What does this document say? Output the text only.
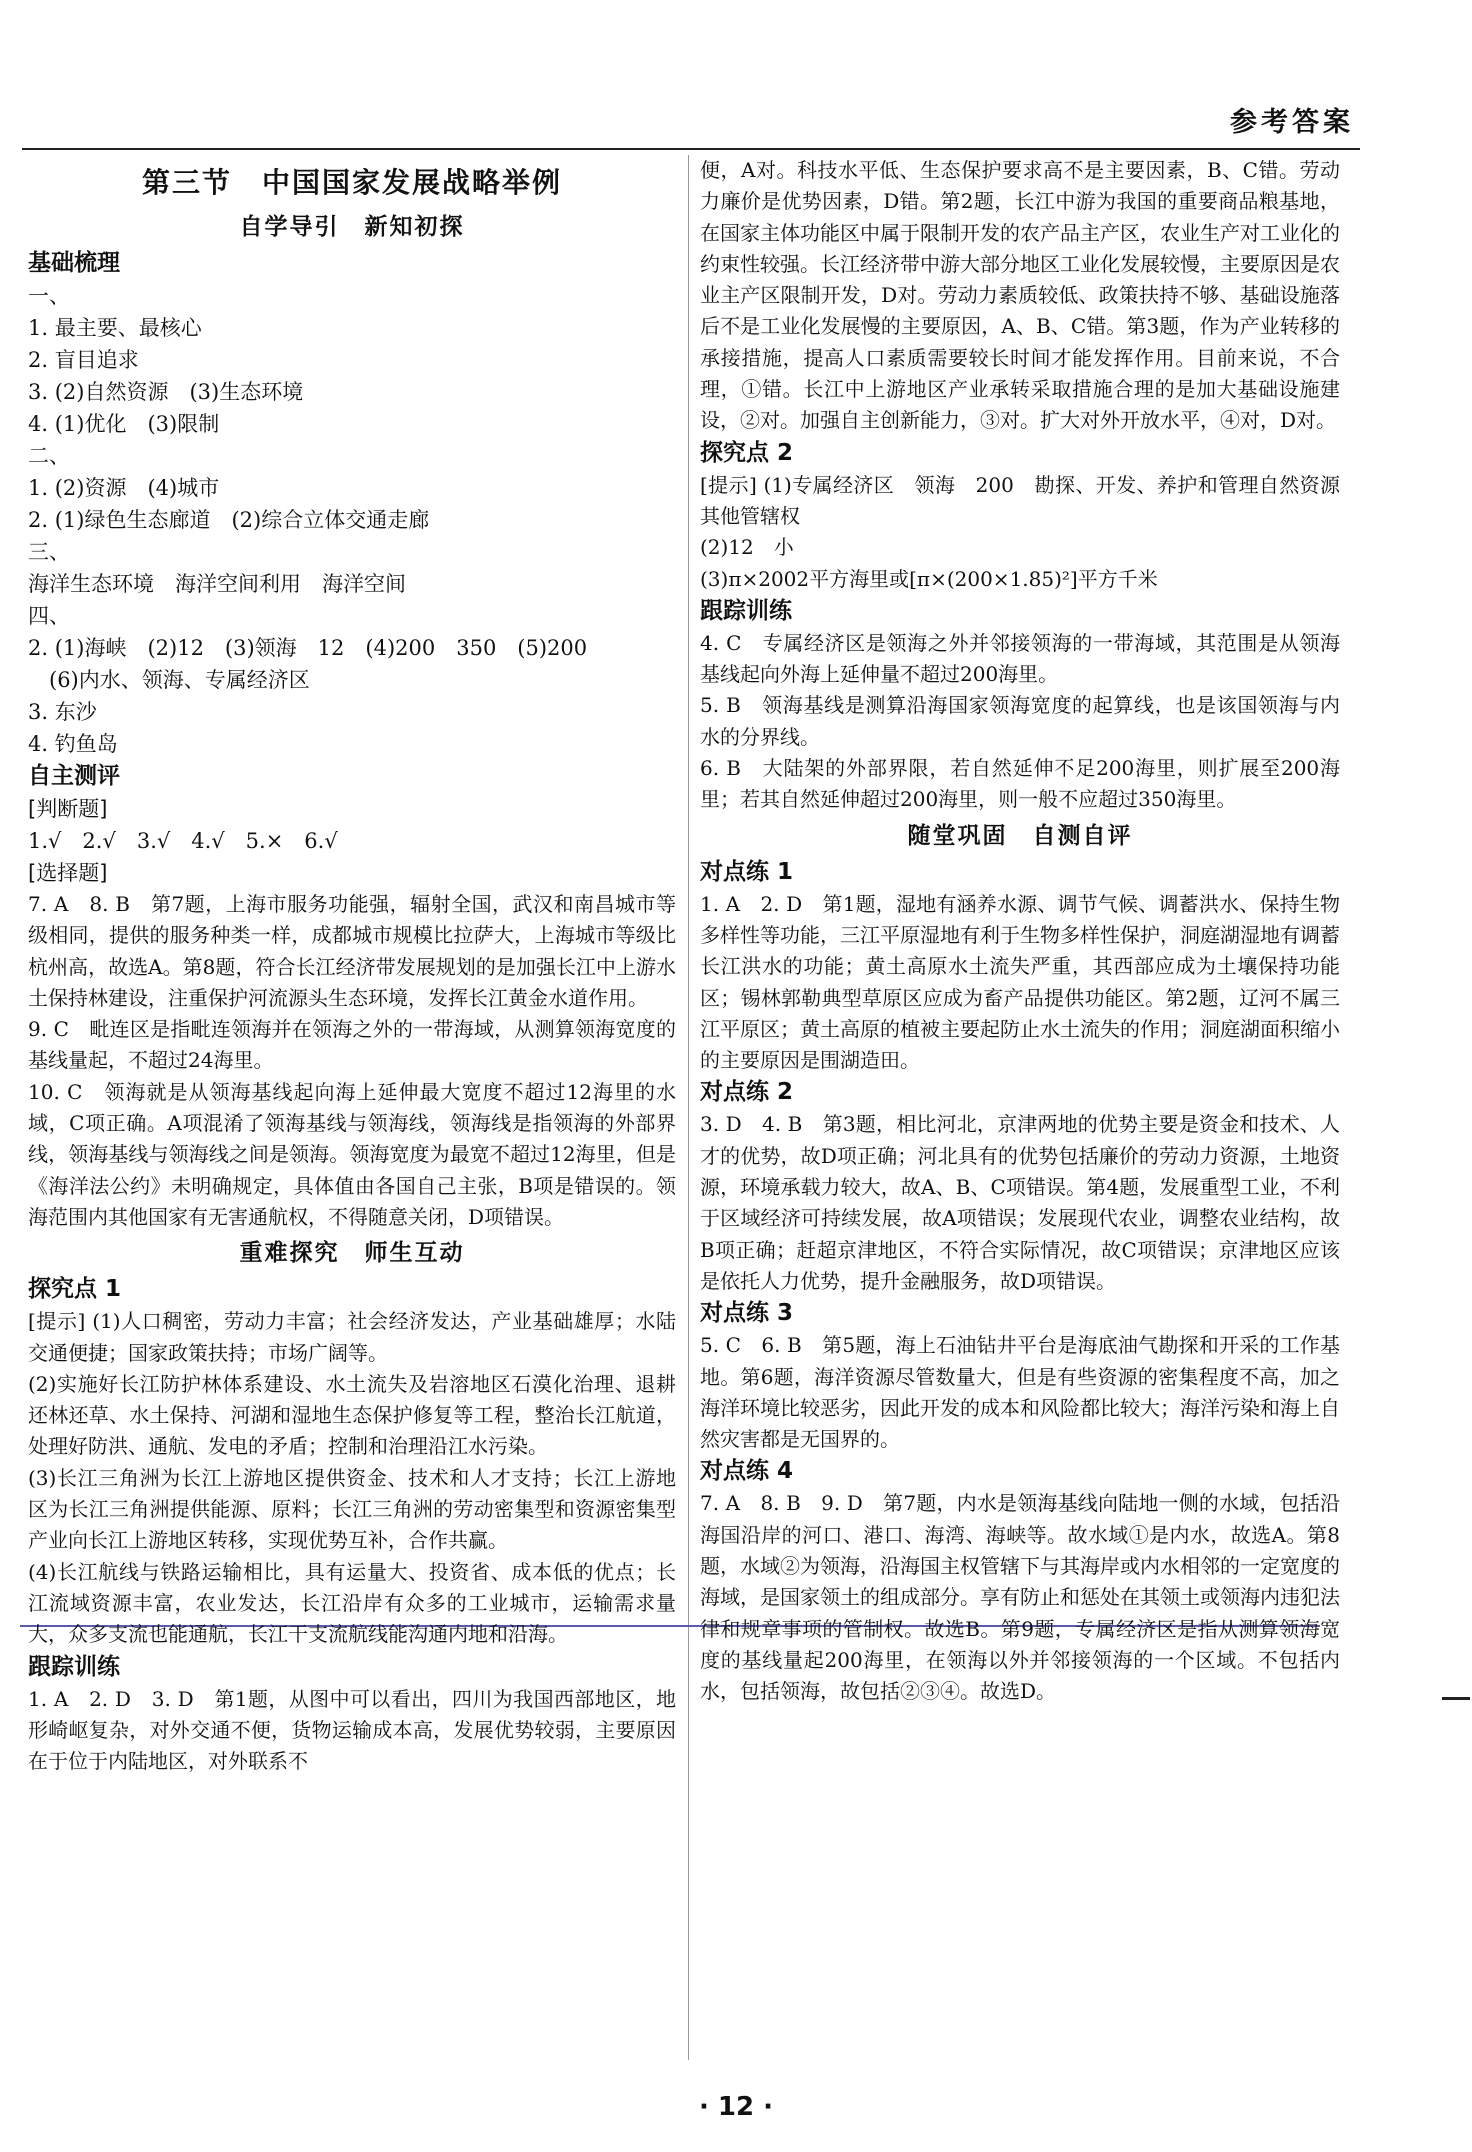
参考答案
第三节　中国国家发展战略举例
自学导引　新知初探
基础梳理

一、

1. 最主要、最核心

2. 盲目追求

3. (2)自然资源　(3)生态环境

4. (1)优化　(3)限制

二、

1. (2)资源　(4)城市

2. (1)绿色生态廊道　(2)综合立体交通走廊

三、

海洋生态环境　海洋空间利用　海洋空间

四、

2. (1)海峡　(2)12　(3)领海　12　(4)200　350　(5)200

　(6)内水、领海、专属经济区

3. 东沙

4. 钓鱼岛

自主测评

[判断题]

1.√　2.√　3.√　4.√　5.×　6.√

[选择题]

7. A　8. B　第7题，上海市服务功能强，辐射全国，武汉和南昌城市等级相同，提供的服务种类一样，成都城市规模比拉萨大，上海城市等级比杭州高，故选A。第8题，符合长江经济带发展规划的是加强长江中上游水土保持林建设，注重保护河流源头生态环境，发挥长江黄金水道作用。

9. C　毗连区是指毗连领海并在领海之外的一带海域，从测算领海宽度的基线量起，不超过24海里。

10. C　领海就是从领海基线起向海上延伸最大宽度不超过12海里的水域，C项正确。A项混淆了领海基线与领海线，领海线是指领海的外部界线，领海基线与领海线之间是领海。领海宽度为最宽不超过12海里，但是《海洋法公约》未明确规定，具体值由各国自己主张，B项是错误的。领海范围内其他国家有无害通航权，不得随意关闭，D项错误。

重难探究　师生互动
探究点 1

[提示] (1)人口稠密，劳动力丰富；社会经济发达，产业基础雄厚；水陆交通便捷；国家政策扶持；市场广阔等。

(2)实施好长江防护林体系建设、水土流失及岩溶地区石漠化治理、退耕还林还草、水土保持、河湖和湿地生态保护修复等工程，整治长江航道，处理好防洪、通航、发电的矛盾；控制和治理沿江水污染。

(3)长江三角洲为长江上游地区提供资金、技术和人才支持；长江上游地区为长江三角洲提供能源、原料；长江三角洲的劳动密集型和资源密集型产业向长江上游地区转移，实现优势互补，合作共赢。

(4)长江航线与铁路运输相比，具有运量大、投资省、成本低的优点；长江流域资源丰富，农业发达，长江沿岸有众多的工业城市，运输需求量大，众多支流也能通航，长江干支流航线能沟通内地和沿海。

跟踪训练

1. A　2. D　3. D　第1题，从图中可以看出，四川为我国西部地区，地形崎岖复杂，对外交通不便，货物运输成本高，发展优势较弱，主要原因在于位于内陆地区，对外联系不

便，A对。科技水平低、生态保护要求高不是主要因素，B、C错。劳动力廉价是优势因素，D错。第2题，长江中游为我国的重要商品粮基地，在国家主体功能区中属于限制开发的农产品主产区，农业生产对工业化的约束性较强。长江经济带中游大部分地区工业化发展较慢，主要原因是农业主产区限制开发，D对。劳动力素质较低、政策扶持不够、基础设施落后不是工业化发展慢的主要原因，A、B、C错。第3题，作为产业转移的承接措施，提高人口素质需要较长时间才能发挥作用。目前来说，不合理，①错。长江中上游地区产业承转采取措施合理的是加大基础设施建设，②对。加强自主创新能力，③对。扩大对外开放水平，④对，D对。

探究点 2

[提示] (1)专属经济区　领海　200　勘探、开发、养护和管理自然资源　其他管辖权

(2)12　小

(3)π×2002平方海里或[π×(200×1.85)²]平方千米

跟踪训练

4. C　专属经济区是领海之外并邻接领海的一带海域，其范围是从领海基线起向外海上延伸量不超过200海里。

5. B　领海基线是测算沿海国家领海宽度的起算线，也是该国领海与内水的分界线。

6. B　大陆架的外部界限，若自然延伸不足200海里，则扩展至200海里；若其自然延伸超过200海里，则一般不应超过350海里。

随堂巩固　自测自评
对点练 1

1. A　2. D　第1题，湿地有涵养水源、调节气候、调蓄洪水、保持生物多样性等功能，三江平原湿地有利于生物多样性保护，洞庭湖湿地有调蓄长江洪水的功能；黄土高原水土流失严重，其西部应成为土壤保持功能区；锡林郭勒典型草原区应成为畜产品提供功能区。第2题，辽河不属三江平原区；黄土高原的植被主要起防止水土流失的作用；洞庭湖面积缩小的主要原因是围湖造田。

对点练 2

3. D　4. B　第3题，相比河北，京津两地的优势主要是资金和技术、人才的优势，故D项正确；河北具有的优势包括廉价的劳动力资源，土地资源，环境承载力较大，故A、B、C项错误。第4题，发展重型工业，不利于区域经济可持续发展，故A项错误；发展现代农业，调整农业结构，故B项正确；赶超京津地区，不符合实际情况，故C项错误；京津地区应该是依托人力优势，提升金融服务，故D项错误。

对点练 3

5. C　6. B　第5题，海上石油钻井平台是海底油气勘探和开采的工作基地。第6题，海洋资源尽管数量大，但是有些资源的密集程度不高，加之海洋环境比较恶劣，因此开发的成本和风险都比较大；海洋污染和海上自然灾害都是无国界的。

对点练 4

7. A　8. B　9. D　第7题，内水是领海基线向陆地一侧的水域，包括沿海国沿岸的河口、港口、海湾、海峡等。故水域①是内水，故选A。第8题，水域②为领海，沿海国主权管辖下与其海岸或内水相邻的一定宽度的海域，是国家领土的组成部分。享有防止和惩处在其领土或领海内违犯法律和规章事项的管制权。故选B。第9题，专属经济区是指从测算领海宽度的基线量起200海里，在领海以外并邻接领海的一个区域。不包括内水，包括领海，故包括②③④。故选D。

· 12 ·
